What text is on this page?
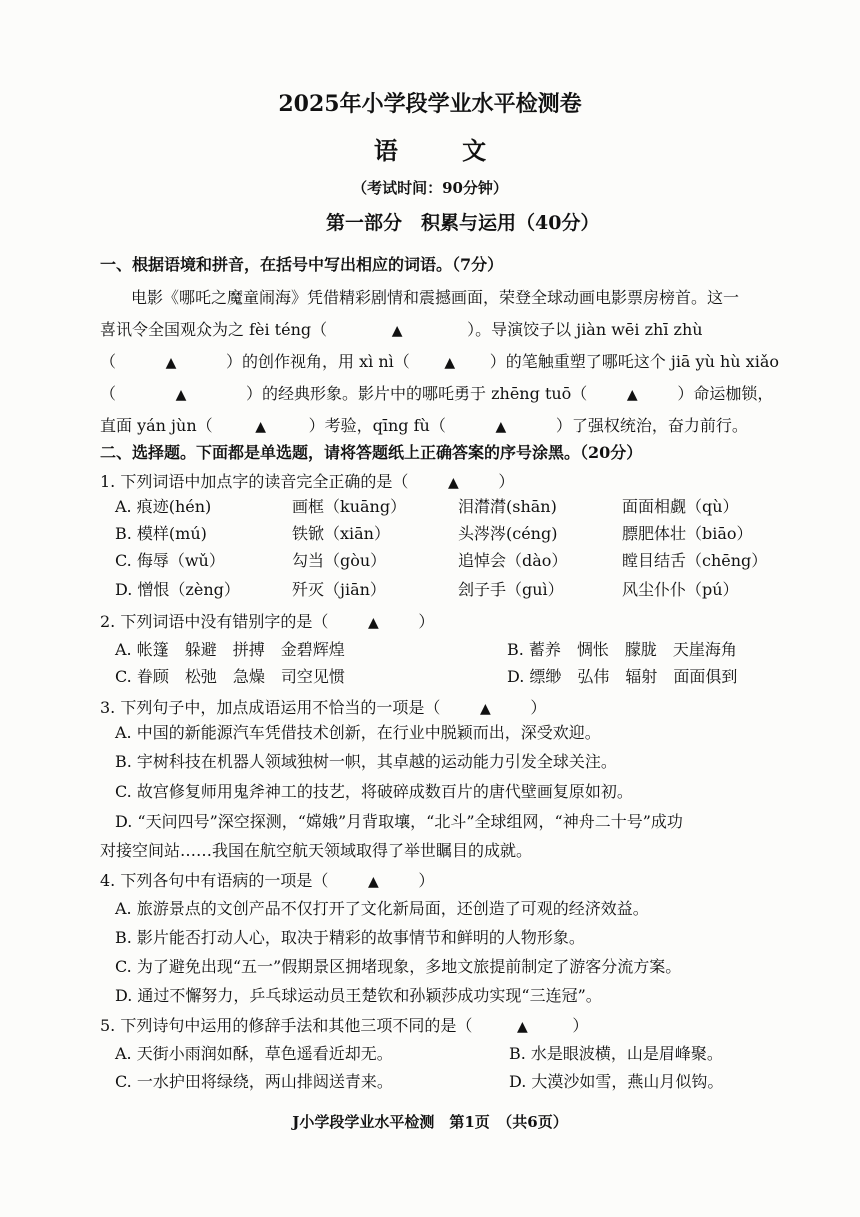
2025年小学段学业水平检测卷
语 文
（考试时间：90分钟）
第一部分　积累与运用（40分）
一、根据语境和拼音，在括号中写出相应的词语。（7分）
电影《哪吒之魔童闹海》凭借精彩剧情和震撼画面，荣登全球动画电影票房榜首。这一
喜讯令全国观众为之 fèi téng（	▲	）。导演饺子以 jiàn wēi zhī zhù
（	▲	）的创作视角，用 xì nì（ ▲ ）的笔触重塑了哪吒这个 jiā yù hù xiǎo
（	▲	）的经典形象。影片中的哪吒勇于 zhēng tuō（	▲ ）命运枷锁，
直面 yán jùn（	▲	）考验，qīng fù（	▲	）了强权统治，奋力前行。
二、选择题。下面都是单选题，请将答题纸上正确答案的序号涂黑。（20分）
1. 下列词语中加点字的读音完全正确的是（	▲ ）
A. 痕迹(hén)	画框（kuāng）	泪潸潸(shān)	面面相觑（qù）
B. 模样(mú)	铁锨（xiān）	头涔涔(céng)	膘肥体壮（biāo）
C. 侮辱（wǔ）	勾当（gòu）	追悼会（dào）	瞠目结舌（chēng）
D. 憎恨（zèng）	歼灭（jiān）	刽子手（guì）	风尘仆仆（pú）
2. 下列词语中没有错别字的是（	▲ ）
A. 帐篷　躲避　拼搏　金碧辉煌	B. 蓄养　惆怅　朦胧　天崖海角
C. 眷顾　松弛　急燥　司空见惯	D. 缥缈　弘伟　辐射　面面俱到
3. 下列句子中，加点成语运用不恰当的一项是（	▲ ）
A. 中国的新能源汽车凭借技术创新，在行业中脱颖而出，深受欢迎。
B. 宇树科技在机器人领域独树一帜，其卓越的运动能力引发全球关注。
C. 故宫修复师用鬼斧神工的技艺，将破碎成数百片的唐代壁画复原如初。
D. “天问四号”深空探测，“嫦娥”月背取壤，“北斗”全球组网，“神舟二十号”成功
对接空间站……我国在航空航天领域取得了举世瞩目的成就。
4. 下列各句中有语病的一项是（	▲ ）
A. 旅游景点的文创产品不仅打开了文化新局面，还创造了可观的经济效益。
B. 影片能否打动人心，取决于精彩的故事情节和鲜明的人物形象。
C. 为了避免出现“五一”假期景区拥堵现象，多地文旅提前制定了游客分流方案。
D. 通过不懈努力，乒乓球运动员王楚钦和孙颖莎成功实现“三连冠”。
5. 下列诗句中运用的修辞手法和其他三项不同的是（	▲	）
A. 天街小雨润如酥，草色遥看近却无。	B. 水是眼波横，山是眉峰聚。
C. 一水护田将绿绕，两山排闼送青来。	D. 大漠沙如雪，燕山月似钩。
J小学段学业水平检测　第1页　（共6页）
